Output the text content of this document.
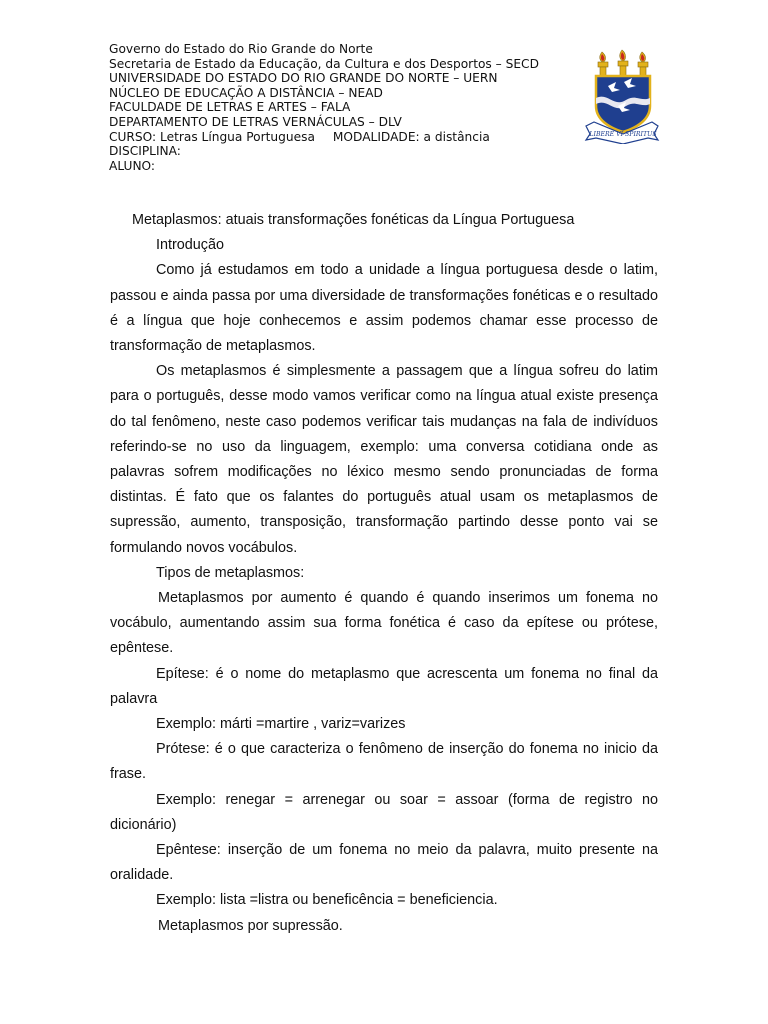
Governo do Estado do Rio Grande do Norte
Secretaria de Estado da Educação, da Cultura e dos Desportos – SECD
UNIVERSIDADE DO ESTADO DO RIO GRANDE DO NORTE – UERN
NÚCLEO DE EDUCAÇÃO A DISTÂNCIA – NEAD
FACULDADE DE LETRAS E ARTES – FALA
DEPARTAMENTO DE LETRAS VERNÁCULAS – DLV
CURSO: Letras Língua Portuguesa MODALIDADE: a distância
DISCIPLINA:
ALUNO:
LIBERE VI SPIRITUS

Metaplasmos: atuais transformações fonéticas da Língua Portuguesa

Introdução

Como já estudamos em todo a unidade a língua portuguesa desde o latim, passou e ainda passa por uma diversidade de transformações fonéticas e o resultado é a língua que hoje conhecemos e assim podemos chamar esse processo de transformação de metaplasmos.

Os metaplasmos é simplesmente a passagem que a língua sofreu do latim para o português, desse modo vamos verificar como na língua atual existe presença do tal fenômeno, neste caso podemos verificar tais mudanças na fala de indivíduos referindo-se no uso da linguagem, exemplo: uma conversa cotidiana onde as palavras sofrem modificações no léxico mesmo sendo pronunciadas de forma distintas. É fato que os falantes do português atual usam os metaplasmos de supressão, aumento, transposição, transformação partindo desse ponto vai se formulando novos vocábulos.

Tipos de metaplasmos:

Metaplasmos por aumento é quando é quando inserimos um fonema no vocábulo, aumentando assim sua forma fonética é caso da epítese ou prótese, epêntese.

Epítese: é o nome do metaplasmo que acrescenta um fonema no final da palavra

Exemplo: márti =martire , variz=varizes

Prótese: é o que caracteriza o fenômeno de inserção do fonema no inicio da frase.

Exemplo: renegar = arrenegar ou soar = assoar (forma de registro no dicionário)

Epêntese: inserção de um fonema no meio da palavra, muito presente na oralidade.

Exemplo: lista =listra ou beneficência = beneficiencia.

Metaplasmos por supressão.
